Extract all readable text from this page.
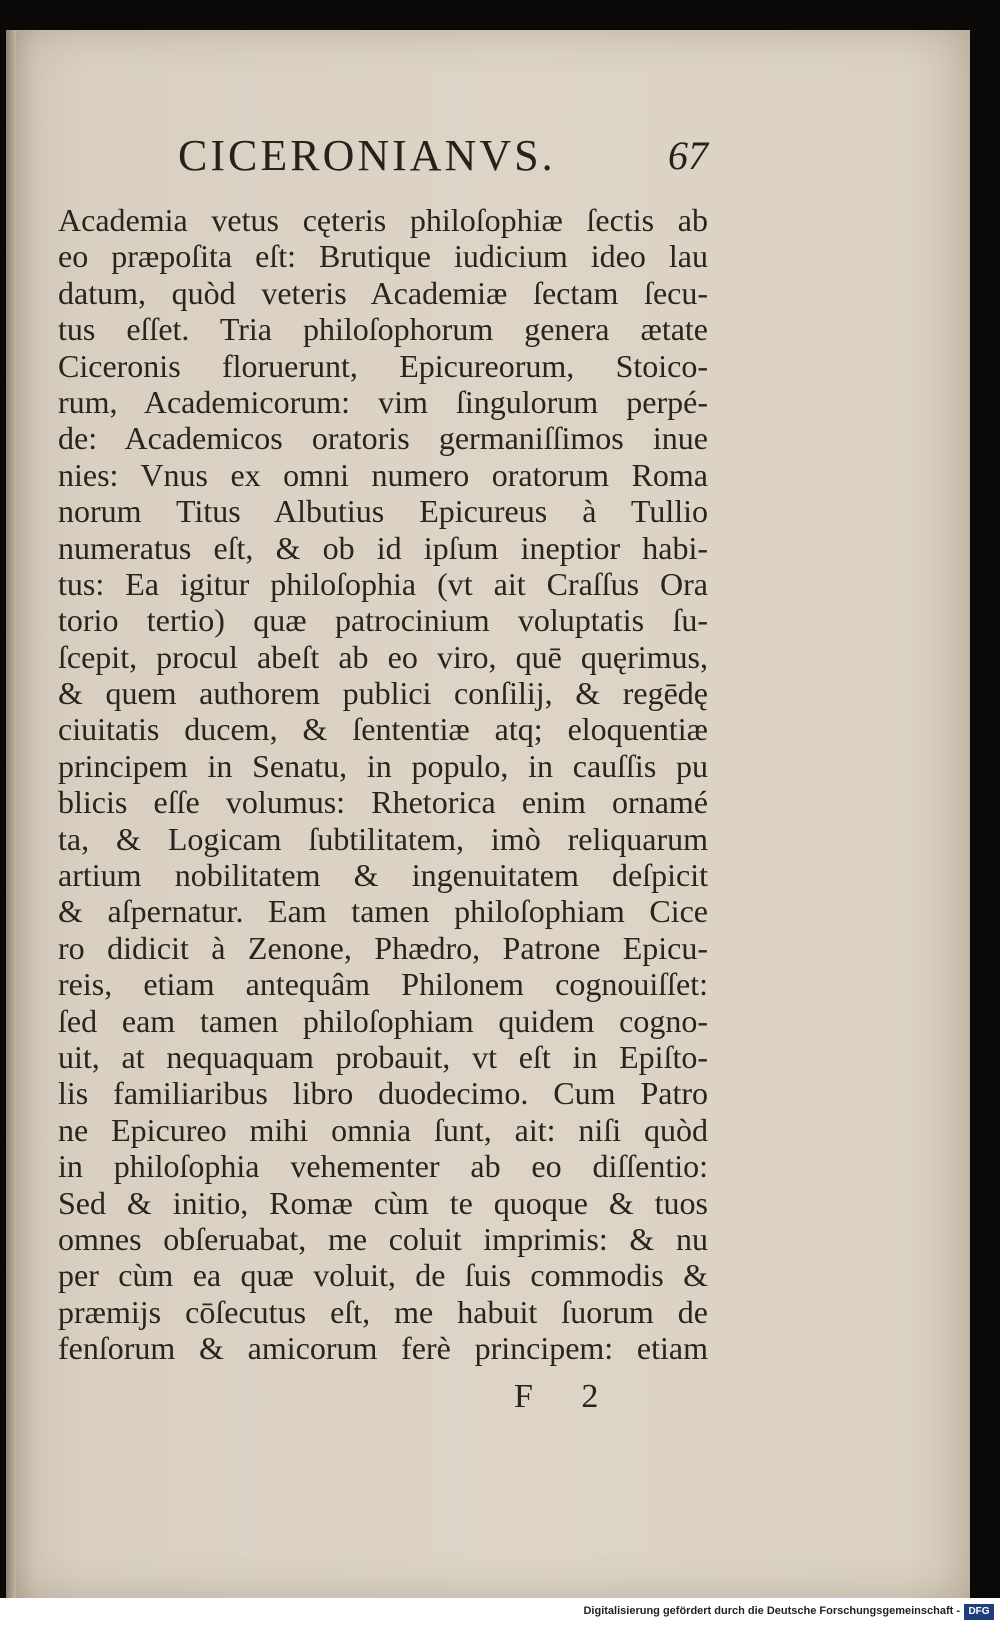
CICERONIANVS.	67
Academia vetus cęteris philoſophiæ ſectis ab
eo præpoſita eſt: Brutique iudicium ideo lau
datum, quòd veteris Academiæ ſectam ſecu-
tus eſſet. Tria philoſophorum genera ætate
Ciceronis floruerunt, Epicureorum, Stoico-
rum, Academicorum: vim ſingulorum perpé-
de: Academicos oratoris germaniſſimos inue
nies: Vnus ex omni numero oratorum Roma
norum Titus Albutius Epicureus à Tullio
numeratus eſt, & ob id ipſum ineptior habi-
tus: Ea igitur philoſophia (vt ait Craſſus Ora
torio tertio) quæ patrocinium voluptatis ſu-
ſcepit, procul abeſt ab eo viro, quē quęrimus,
& quem authorem publici conſilij, & regēdę
ciuitatis ducem, & ſententiæ atq; eloquentiæ
principem in Senatu, in populo, in cauſſis pu
blicis eſſe volumus: Rhetorica enim ornamé
ta, & Logicam ſubtilitatem, imò reliquarum
artium nobilitatem & ingenuitatem deſpicit
& aſpernatur. Eam tamen philoſophiam Cice
ro didicit à Zenone, Phædro, Patrone Epicu-
reis, etiam antequâm Philonem cognouiſſet:
ſed eam tamen philoſophiam quidem cogno-
uit, at nequaquam probauit, vt eſt in Epiſto-
lis familiaribus libro duodecimo. Cum Patro
ne Epicureo mihi omnia ſunt, ait: niſi quòd
in philoſophia vehementer ab eo diſſentio:
Sed & initio, Romæ cùm te quoque & tuos
omnes obſeruabat, me coluit imprimis: & nu
per cùm ea quæ voluit, de ſuis commodis &
præmijs cōſecutus eſt, me habuit ſuorum de
fenſorum & amicorum ferè principem: etiam
F 2
Digitalisierung gefördert durch die Deutsche Forschungsgemeinschaft - DFG
